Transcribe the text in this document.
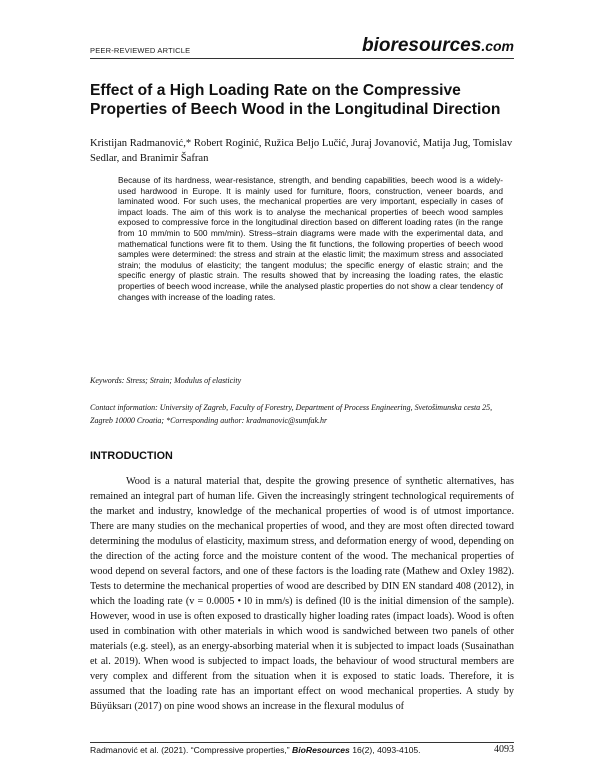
PEER-REVIEWED ARTICLE	bioresources.com
Effect of a High Loading Rate on the Compressive Properties of Beech Wood in the Longitudinal Direction
Kristijan Radmanović,* Robert Roginić, Ružica Beljo Lučić, Juraj Jovanović, Matija Jug, Tomislav Sedlar, and Branimir Šafran
Because of its hardness, wear-resistance, strength, and bending capabilities, beech wood is a widely-used hardwood in Europe. It is mainly used for furniture, floors, construction, veneer boards, and laminated wood. For such uses, the mechanical properties are very important, especially in cases of impact loads. The aim of this work is to analyse the mechanical properties of beech wood samples exposed to compressive force in the longitudinal direction based on different loading rates (in the range from 10 mm/min to 500 mm/min). Stress–strain diagrams were made with the experimental data, and mathematical functions were fit to them. Using the fit functions, the following properties of beech wood samples were determined: the stress and strain at the elastic limit; the maximum stress and associated strain; the modulus of elasticity; the tangent modulus; the specific energy of elastic strain; and the specific energy of plastic strain. The results showed that by increasing the loading rates, the elastic properties of beech wood increase, while the analysed plastic properties do not show a clear tendency of changes with increase of the loading rates.
Keywords: Stress; Strain; Modulus of elasticity
Contact information: University of Zagreb, Faculty of Forestry, Department of Process Engineering, Svetošimunska cesta 25, Zagreb 10000 Croatia; *Corresponding author: kradmanovic@sumfak.hr
INTRODUCTION

Wood is a natural material that, despite the growing presence of synthetic alternatives, has remained an integral part of human life. Given the increasingly stringent technological requirements of the market and industry, knowledge of the mechanical properties of wood is of utmost importance. There are many studies on the mechanical properties of wood, and they are most often directed toward determining the modulus of elasticity, maximum stress, and deformation energy of wood, depending on the direction of the acting force and the moisture content of the wood. The mechanical properties of wood depend on several factors, and one of these factors is the loading rate (Mathew and Oxley 1982). Tests to determine the mechanical properties of wood are described by DIN EN standard 408 (2012), in which the loading rate (v = 0.0005 • l0 in mm/s) is defined (l0 is the initial dimension of the sample). However, wood in use is often exposed to drastically higher loading rates (impact loads). Wood is often used in combination with other materials in which wood is sandwiched between two panels of other materials (e.g. steel), as an energy-absorbing material when it is subjected to impact loads (Susainathan et al. 2019). When wood is subjected to impact loads, the behaviour of wood structural members are very complex and different from the situation when it is exposed to static loads. Therefore, it is assumed that the loading rate has an important effect on wood mechanical properties. A study by Büyüksarı (2017) on pine wood shows an increase in the flexural modulus of

Radmanović et al. (2021). “Compressive properties,” BioResources 16(2), 4093-4105.	4093
